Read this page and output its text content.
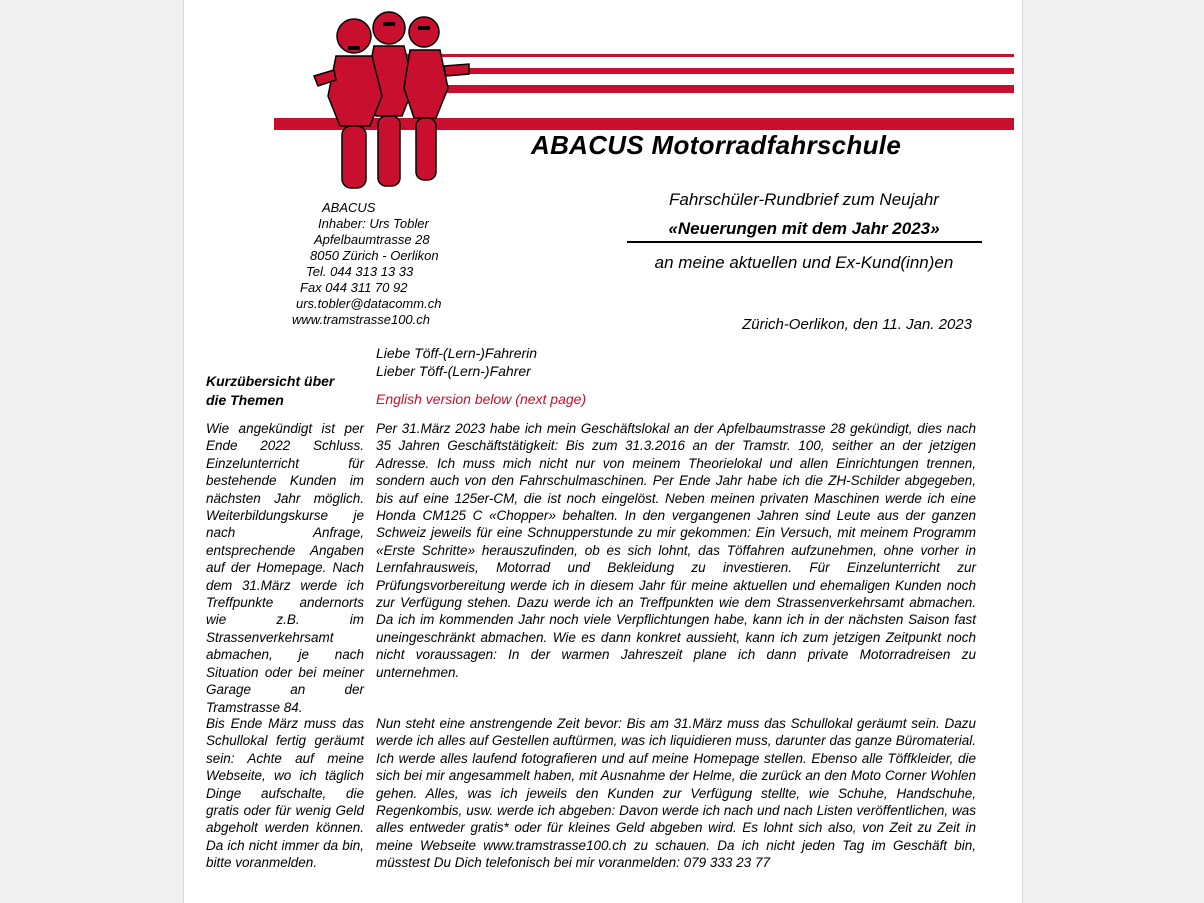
ABACUS Motorradfahrschule
ABACUS
Inhaber: Urs Tobler
Apfelbaumtrasse 28
8050 Zürich - Oerlikon
Tel. 044 313 13 33
Fax 044 311 70 92
urs.tobler@datacomm.ch
www.tramstrasse100.ch
Fahrschüler-Rundbrief zum Neujahr
«Neuerungen mit dem Jahr 2023»
an meine aktuellen und Ex-Kund(inn)en
Zürich-Oerlikon, den 11. Jan. 2023
Liebe Töff-(Lern-)Fahrerin
Lieber Töff-(Lern-)Fahrer
English version below (next page)
Kurzübersicht über
die Themen
Wie angekündigt ist per Ende 2022 Schluss. Einzelunterricht für bestehende Kunden im nächsten Jahr möglich. Weiterbildungskurse je nach Anfrage, entsprechende Angaben auf der Homepage. Nach dem 31.März werde ich Treffpunkte andernorts wie z.B. im Strassenverkehrsamt abmachen, je nach Situation oder bei meiner Garage an der Tramstrasse 84.
Bis Ende März muss das Schullokal fertig geräumt sein: Achte auf meine Webseite, wo ich täglich Dinge aufschalte, die gratis oder für wenig Geld abgeholt werden können. Da ich nicht immer da bin, bitte voranmelden.
Per 31.März 2023 habe ich mein Geschäftslokal an der Apfelbaumstrasse 28 gekündigt, dies nach 35 Jahren Geschäftstätigkeit: Bis zum 31.3.2016 an der Tramstr. 100, seither an der jetzigen Adresse. Ich muss mich nicht nur von meinem Theorielokal und allen Einrichtungen trennen, sondern auch von den Fahrschulmaschinen. Per Ende Jahr habe ich die ZH-Schilder abgegeben, bis auf eine 125er-CM, die ist noch eingelöst. Neben meinen privaten Maschinen werde ich eine Honda CM125 C «Chopper» behalten. In den vergangenen Jahren sind Leute aus der ganzen Schweiz jeweils für eine Schnupperstunde zu mir gekommen: Ein Versuch, mit meinem Programm «Erste Schritte» herauszufinden, ob es sich lohnt, das Töffahren aufzunehmen, ohne vorher in Lernfahrausweis, Motorrad und Bekleidung zu investieren. Für Einzelunterricht zur Prüfungsvorbereitung werde ich in diesem Jahr für meine aktuellen und ehemaligen Kunden noch zur Verfügung stehen. Dazu werde ich an Treffpunkten wie dem Strassenverkehrsamt abmachen. Da ich im kommenden Jahr noch viele Verpflichtungen habe, kann ich in der nächsten Saison fast uneingeschränkt abmachen. Wie es dann konkret aussieht, kann ich zum jetzigen Zeitpunkt noch nicht voraussagen: In der warmen Jahreszeit plane ich dann private Motorradreisen zu unternehmen.
Nun steht eine anstrengende Zeit bevor: Bis am 31.März muss das Schullokal geräumt sein. Dazu werde ich alles auf Gestellen auftürmen, was ich liquidieren muss, darunter das ganze Büromaterial. Ich werde alles laufend fotografieren und auf meine Homepage stellen. Ebenso alle Töffkleider, die sich bei mir angesammelt haben, mit Ausnahme der Helme, die zurück an den Moto Corner Wohlen gehen. Alles, was ich jeweils den Kunden zur Verfügung stellte, wie Schuhe, Handschuhe, Regenkombis, usw. werde ich abgeben: Davon werde ich nach und nach Listen veröffentlichen, was alles entweder gratis* oder für kleines Geld abgeben wird. Es lohnt sich also, von Zeit zu Zeit in meine Webseite www.tramstrasse100.ch zu schauen. Da ich nicht jeden Tag im Geschäft bin, müsstest Du Dich telefonisch bei mir voranmelden: 079 333 23 77
